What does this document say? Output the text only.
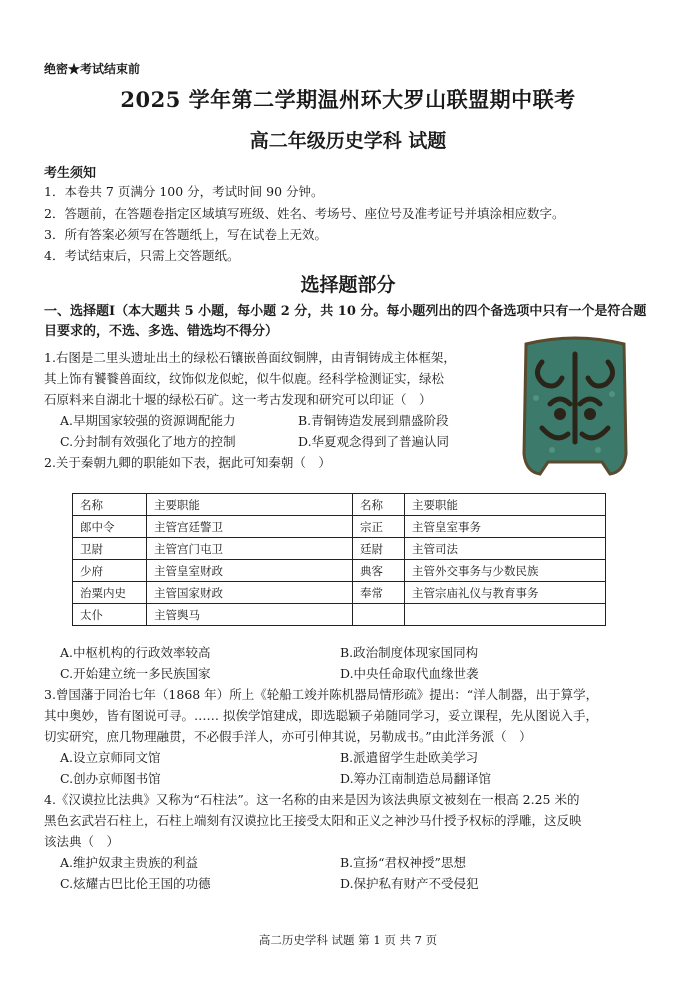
绝密★考试结束前
2025 学年第二学期温州环大罗山联盟期中联考
高二年级历史学科 试题
考生须知
1．本卷共 7 页满分 100 分，考试时间 90 分钟。
2．答题前，在答题卷指定区域填写班级、姓名、考场号、座位号及准考证号并填涂相应数字。
3．所有答案必须写在答题纸上，写在试卷上无效。
4．考试结束后，只需上交答题纸。
选择题部分
一、选择题Ⅰ（本大题共 5 小题，每小题 2 分，共 10 分。每小题列出的四个备选项中只有一个是符合题目要求的，不选、多选、错选均不得分）
1.右图是二里头遗址出土的绿松石镶嵌兽面纹铜牌，由青铜铸成主体框架，
其上饰有饕餮兽面纹，纹饰似龙似蛇，似牛似鹿。经科学检测证实，绿松
石原料来自湖北十堰的绿松石矿。这一考古发现和研究可以印证（　）
A.早期国家较强的资源调配能力	B.青铜铸造发展到鼎盛阶段
C.分封制有效强化了地方的控制	D.华夏观念得到了普遍认同
2.关于秦朝九卿的职能如下表，据此可知秦朝（　）
名称	主要职能	名称	主要职能
郎中令	主管宫廷警卫	宗正	主管皇室事务
卫尉	主管宫门屯卫	廷尉	主管司法
少府	主管皇室财政	典客	主管外交事务与少数民族
治粟内史	主管国家财政	奉常	主管宗庙礼仪与教育事务
太仆	主管舆马		
A.中枢机构的行政效率较高	B.政治制度体现家国同构
C.开始建立统一多民族国家	D.中央任命取代血缘世袭
3.曾国藩于同治七年（1868 年）所上《轮船工竣并陈机器局情形疏》提出：“洋人制器，出于算学，
其中奥妙，皆有图说可寻。…… 拟俟学馆建成，即选聪颖子弟随同学习，妥立课程，先从图说入手，
切实研究，庶几物理融贯，不必假手洋人，亦可引伸其说，另勒成书。”由此洋务派（　）
A.设立京师同文馆	B.派遣留学生赴欧美学习
C.创办京师图书馆	D.筹办江南制造总局翻译馆
4.《汉谟拉比法典》又称为“石柱法”。这一名称的由来是因为该法典原文被刻在一根高 2.25 米的
黑色玄武岩石柱上，石柱上端刻有汉谟拉比王接受太阳和正义之神沙马什授予权标的浮雕，这反映
该法典（　）
A.维护奴隶主贵族的利益	B.宣扬“君权神授”思想
C.炫耀古巴比伦王国的功德	D.保护私有财产不受侵犯
高二历史学科 试题 第 1 页 共 7 页
